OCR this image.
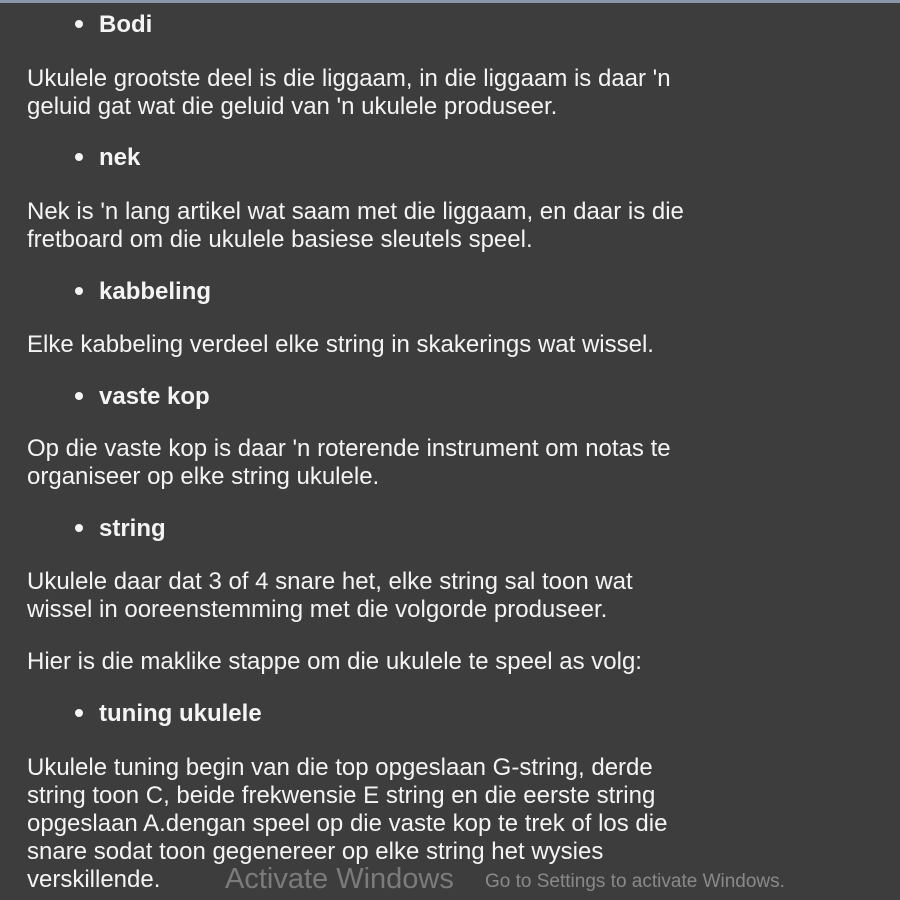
Bodi
Ukulele grootste deel is die liggaam, in die liggaam is daar 'n
geluid gat wat die geluid van 'n ukulele produseer.
nek
Nek is 'n lang artikel wat saam met die liggaam, en daar is die
fretboard om die ukulele basiese sleutels speel.
kabbeling
Elke kabbeling verdeel elke string in skakerings wat wissel.
vaste kop
Op die vaste kop is daar 'n roterende instrument om notas te
organiseer op elke string ukulele.
string
Ukulele daar dat 3 of 4 snare het, elke string sal toon wat
wissel in ooreenstemming met die volgorde produseer.
Hier is die maklike stappe om die ukulele te speel as volg:
tuning ukulele
Ukulele tuning begin van die top opgeslaan G-string, derde
string toon C, beide frekwensie E string en die eerste string
opgeslaan A.dengan speel op die vaste kop te trek of los die
snare sodat toon gegenereer op elke string het wysies
verskillende. Activate Windows Go to Settings to activate Windows.
